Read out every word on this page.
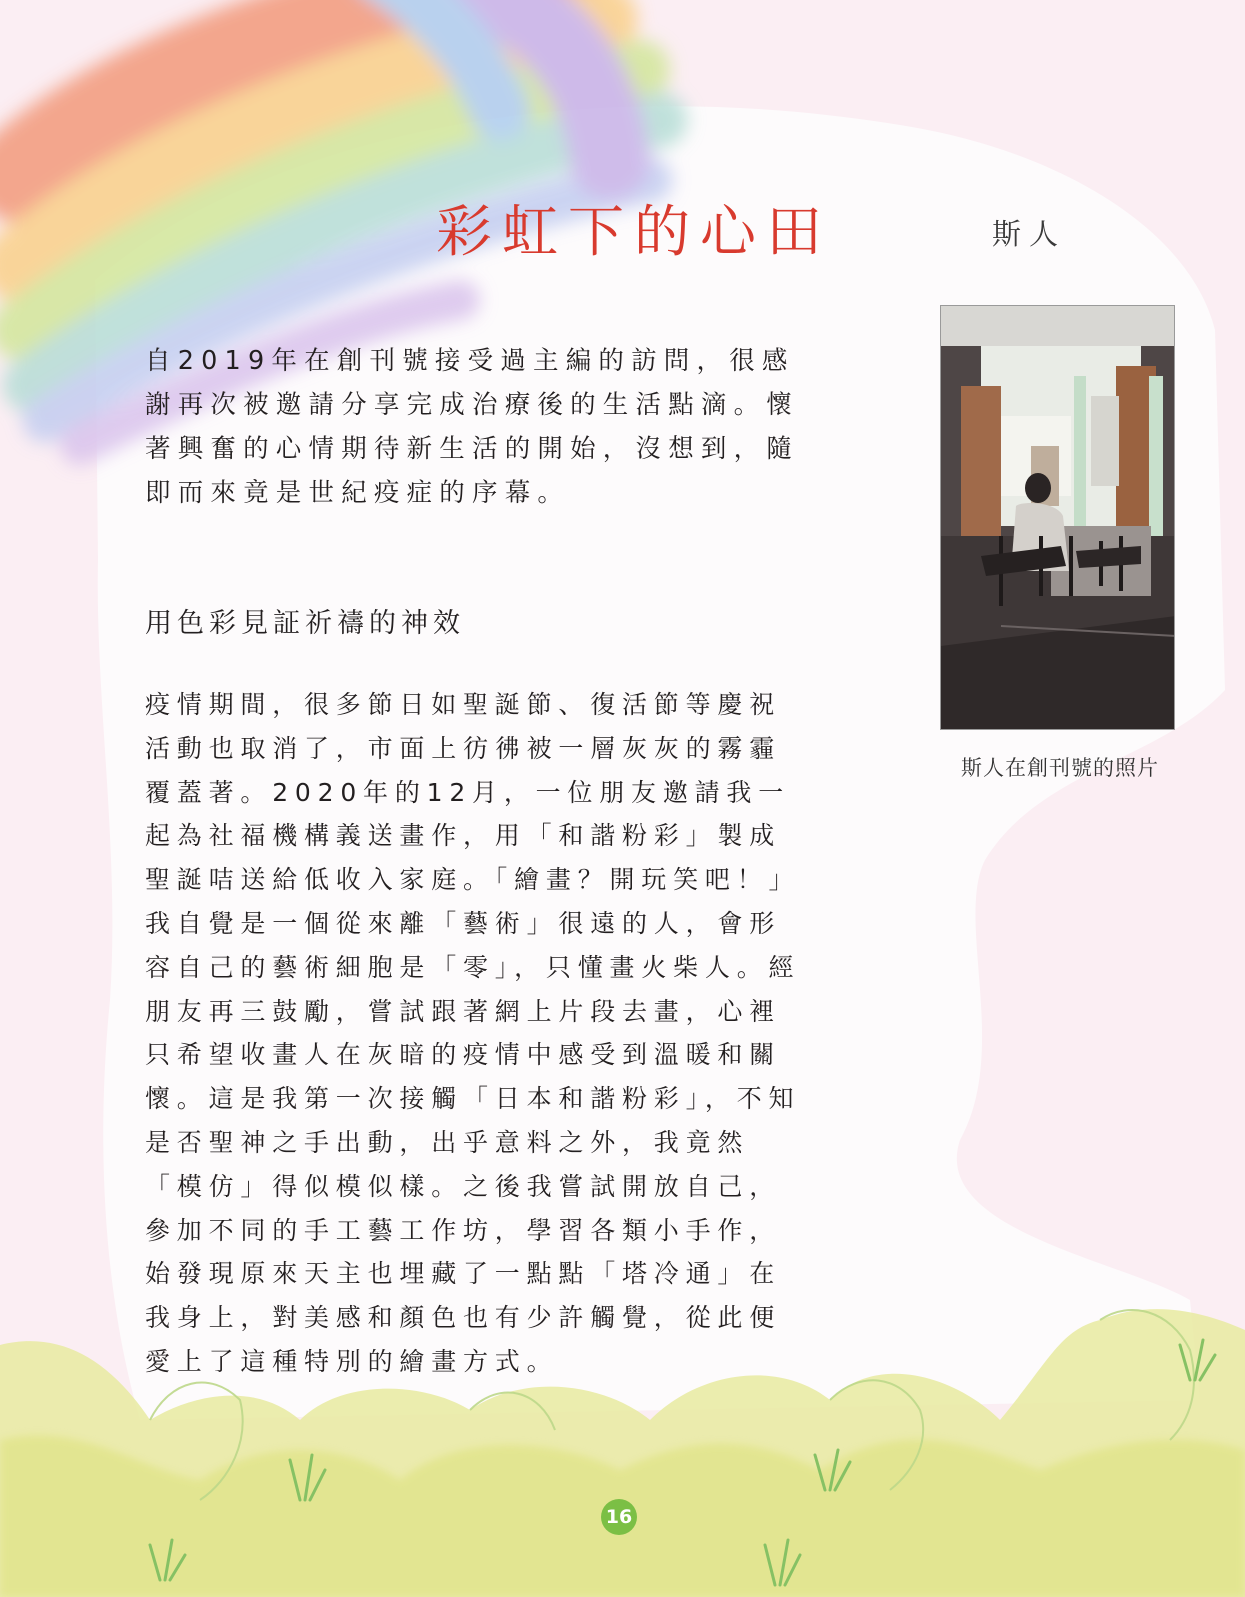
彩虹下的心田	斯人

自2019年在創刊號接受過主編的訪問，很感謝再次被邀請分享完成治療後的生活點滴。懷著興奮的心情期待新生活的開始，沒想到，隨即而來竟是世紀疫症的序幕。

用色彩見証祈禱的神效

疫情期間，很多節日如聖誕節、復活節等慶祝活動也取消了，市面上彷彿被一層灰灰的霧霾覆蓋著。2020年的12月，一位朋友邀請我一起為社福機構義送畫作，用「和諧粉彩」製成聖誕咭送給低收入家庭。「繪畫？開玩笑吧！」我自覺是一個從來離「藝術」很遠的人，會形容自己的藝術細胞是「零」，只懂畫火柴人。經朋友再三鼓勵，嘗試跟著網上片段去畫，心裡只希望收畫人在灰暗的疫情中感受到溫暖和關懷。這是我第一次接觸「日本和諧粉彩」，不知是否聖神之手出動，出乎意料之外，我竟然「模仿」得似模似樣。之後我嘗試開放自己，參加不同的手工藝工作坊，學習各類小手作，始發現原來天主也埋藏了一點點「塔冷通」在我身上，對美感和顏色也有少許觸覺，從此便愛上了這種特別的繪畫方式。

斯人在創刊號的照片
16
